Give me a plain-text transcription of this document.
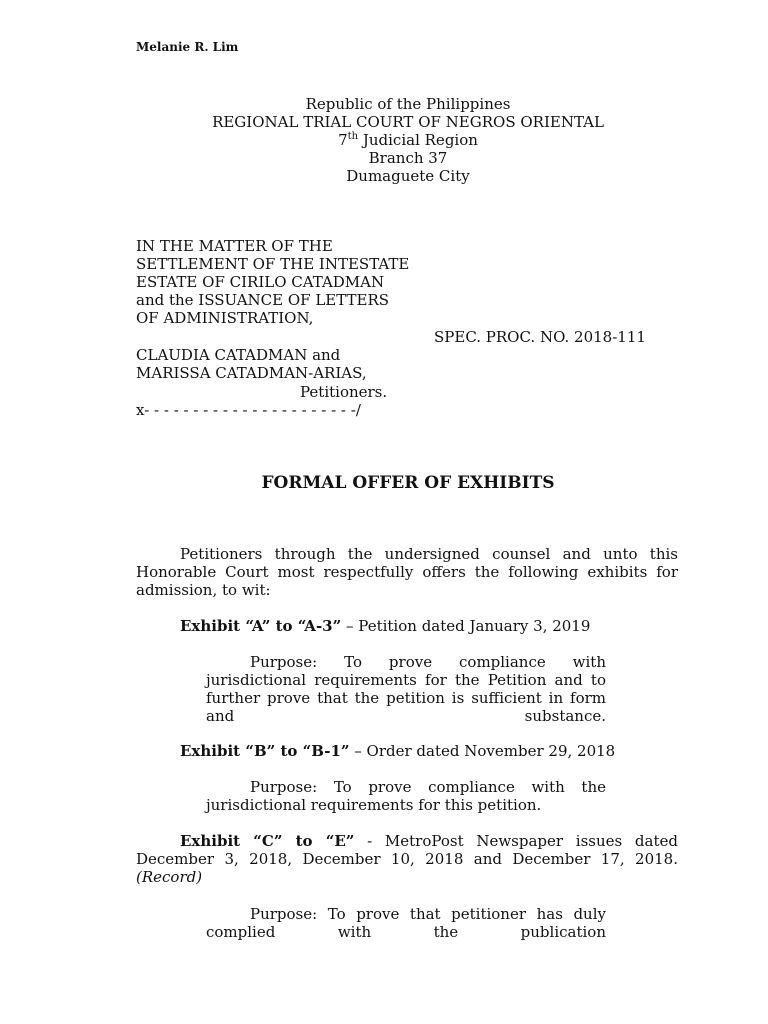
Melanie R. Lim
Republic of the Philippines
REGIONAL TRIAL COURT OF NEGROS ORIENTAL
7th Judicial Region
Branch 37
Dumaguete City
IN THE MATTER OF THE
SETTLEMENT OF THE INTESTATE
ESTATE OF CIRILO CATADMAN
and the ISSUANCE OF LETTERS
OF ADMINISTRATION,
SPEC. PROC. NO. 2018-111
CLAUDIA CATADMAN and
MARISSA CATADMAN-ARIAS,
Petitioners.
x- - - - - - - - - - - - - - - - - - - - - -/
FORMAL OFFER OF EXHIBITS
Petitioners through the undersigned counsel and unto this Honorable Court most respectfully offers the following exhibits for admission, to wit:
Exhibit “A” to “A-3” – Petition dated January 3, 2019
Purpose: To prove compliance with jurisdictional requirements for the Petition and to further prove that the petition is sufficient in form and substance.
Exhibit “B” to “B-1” – Order dated November 29, 2018
Purpose: To prove compliance with the jurisdictional requirements for this petition.
Exhibit “C” to “E” - MetroPost Newspaper issues dated December 3, 2018, December 10, 2018 and December 17, 2018. (Record)
Purpose: To prove that petitioner has duly complied with the publication
